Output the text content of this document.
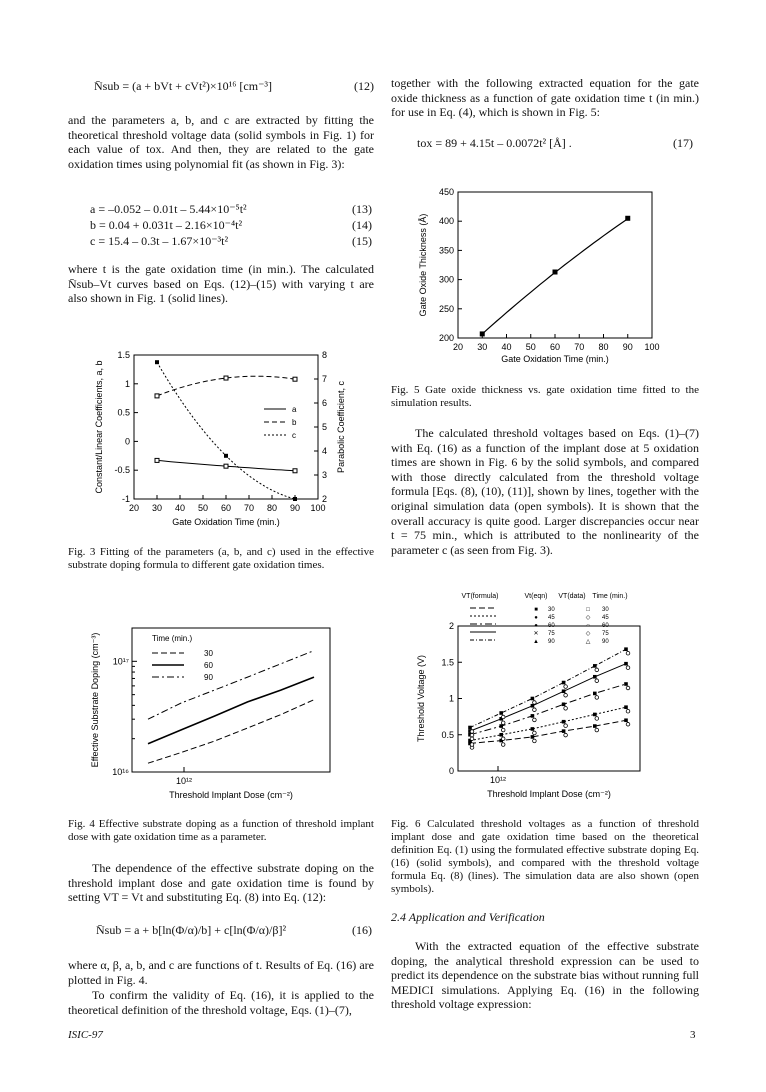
N̄sub = (a + bVt + cVt²)×10¹⁶ [cm⁻³]	(12)

and the parameters a, b, and c are extracted by fitting the theoretical threshold voltage data (solid symbols in Fig. 1) for each value of tox. And then, they are related to the gate oxidation times using polynomial fit (as shown in Fig. 3):

a = –0.052 – 0.01t – 5.44×10⁻⁵t²	(13)
b = 0.04 + 0.031t – 2.16×10⁻⁴t²	(14)
c = 15.4 – 0.3t – 1.67×10⁻³t²	(15)

where t is the gate oxidation time (in min.). The calculated N̄sub–Vt curves based on Eqs. (12)–(15) with varying t are also shown in Fig. 1 (solid lines).

Fig. 3 Fitting of the parameters (a, b, and c) used in the effective substrate doping formula to different gate oxidation times.
Fig. 4 Effective substrate doping as a function of threshold implant dose with gate oxidation time as a parameter.

The dependence of the effective substrate doping on the threshold implant dose and gate oxidation time is found by setting VT = Vt and substituting Eq. (8) into Eq. (12):

N̄sub = a + b[ln(Φ/α)/b] + c[ln(Φ/α)/β]²	(16)

where α, β, a, b, and c are functions of t. Results of Eq. (16) are plotted in Fig. 4.

To confirm the validity of Eq. (16), it is applied to the theoretical definition of the threshold voltage, Eqs. (1)–(7),

together with the following extracted equation for the gate oxide thickness as a function of gate oxidation time t (in min.) for use in Eq. (4), which is shown in Fig. 5:

tox = 89 + 4.15t – 0.0072t² [Å] .	(17)
Fig. 5 Gate oxide thickness vs. gate oxidation time fitted to the simulation results.

The calculated threshold voltages based on Eqs. (1)–(7) with Eq. (16) as a function of the implant dose at 5 oxidation times are shown in Fig. 6 by the solid symbols, and compared with those directly calculated from the threshold voltage formula [Eqs. (8), (10), (11)], shown by lines, together with the original simulation data (open symbols). It is shown that the overall accuracy is quite good. Larger discrepancies occur near t = 75 min., which is attributed to the nonlinearity of the parameter c (as seen from Fig. 3).

Fig. 6 Calculated threshold voltages as a function of threshold implant dose and gate oxidation time based on the theoretical definition Eq. (1) using the formulated effective substrate doping Eq. (16) (solid symbols), and compared with the threshold voltage formula Eq. (8) (lines). The simulation data are also shown (open symbols).
2.4 Application and Verification

With the extracted equation of the effective substrate doping, the analytical threshold expression can be used to predict its dependence on the substrate bias without running full MEDICI simulations. Applying Eq. (16) in the following threshold voltage expression:

20 30 40 50 60 70 80 90 100
-1
-0.5
0
0.5
1
1.5
2
3
4
5
6
7
8
Gate Oxidation Time (min.)
Constant/Linear Coefficients, a, b	Parabolic Coefficient, c
a
b
c
20 30 40 50 60 70 80 90 100
200
250
300
350
400
450
Gate Oxidation Time (min.)
Gate Oxide Thickness (Å)
10¹²
10¹⁶
10¹⁷
Threshold Implant Dose (cm⁻²)
Effective Substrate Doping (cm⁻³)	Time (min.)
30
60
90
0
0.5
1
1.5
2
10¹²
Threshold Implant Dose (cm⁻²)
Threshold Voltage (V)
VT(formula)	Vt(eqn) VT(data) Time (min.)
■ 30	□ 30
● 45	◇ 45
● 60	○ 60
✕ 75	◇ 75
▲ 90	△ 90
ISIC-97	3
